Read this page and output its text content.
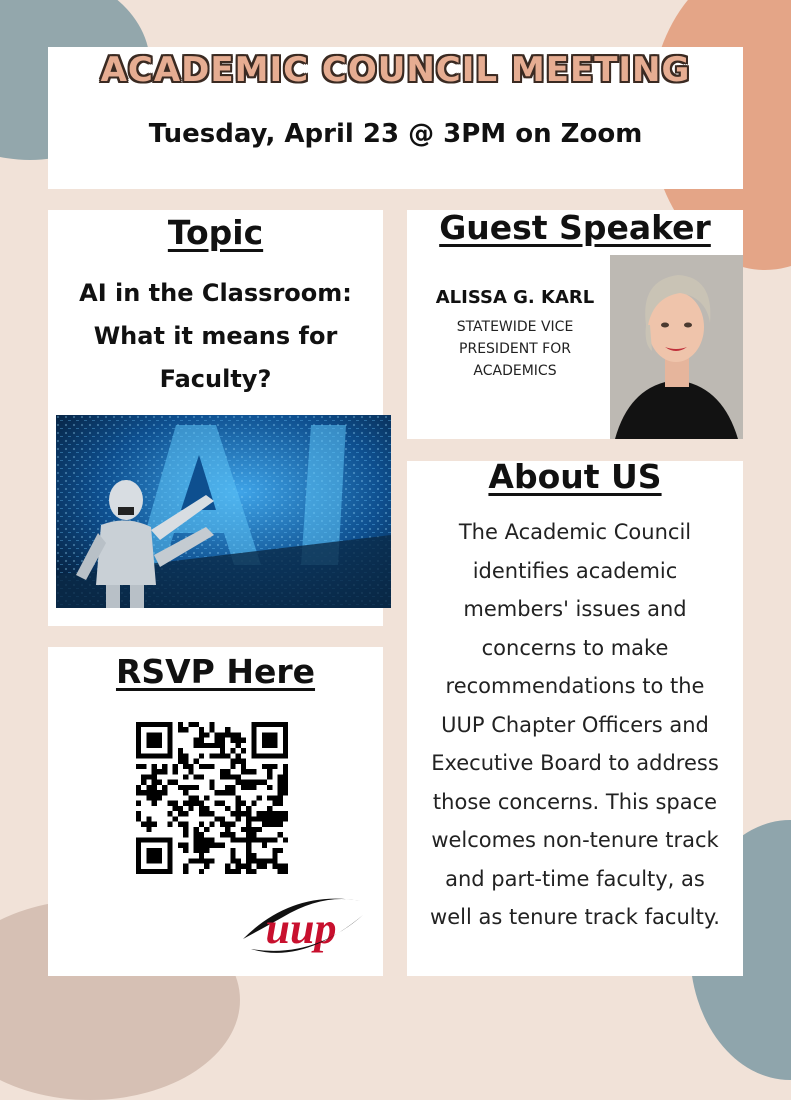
Tuesday, April 23 @ 3PM on Zoom
ACADEMIC COUNCIL MEETING
Topic
AI in the Classroom:
What it means for
Faculty?
Guest Speaker
ALISSA G. KARL
STATEWIDE VICE
PRESIDENT FOR
ACADEMICS
About US
The Academic Council
identifies academic
members' issues and
concerns to make
recommendations to the
UUP Chapter Officers and
Executive Board to address
those concerns. This space
welcomes non-tenure track
and part-time faculty, as
well as tenure track faculty.
RSVP Here
uup
